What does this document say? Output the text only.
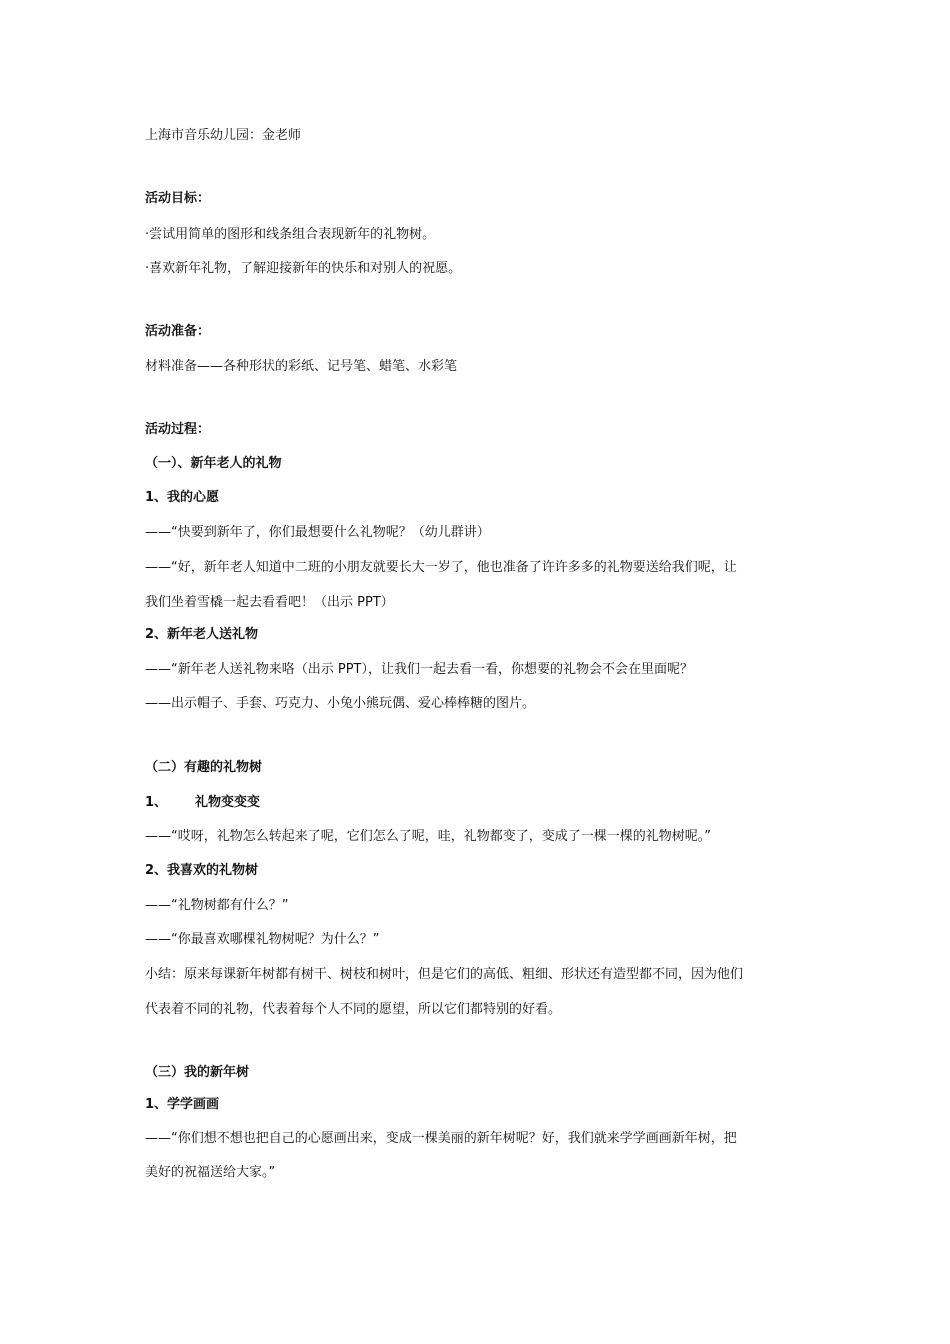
上海市音乐幼儿园：金老师
活动目标：
·尝试用简单的图形和线条组合表现新年的礼物树。
·喜欢新年礼物，了解迎接新年的快乐和对别人的祝愿。
活动准备：
材料准备——各种形状的彩纸、记号笔、蜡笔、水彩笔
活动过程：
（一）、新年老人的礼物
1、我的心愿
——“快要到新年了，你们最想要什么礼物呢？（幼儿群讲）
——“好，新年老人知道中二班的小朋友就要长大一岁了，他也准备了许许多多的礼物要送给我们呢，让
我们坐着雪橇一起去看看吧！（出示 PPT）
2、新年老人送礼物
——“新年老人送礼物来咯（出示 PPT），让我们一起去看一看，你想要的礼物会不会在里面呢？
——出示帽子、手套、巧克力、小兔小熊玩偶、爱心棒棒糖的图片。
（二）有趣的礼物树
1、 礼物变变变
——“哎呀，礼物怎么转起来了呢，它们怎么了呢，哇，礼物都变了，变成了一棵一棵的礼物树呢。”
2、我喜欢的礼物树
——“礼物树都有什么？”
——“你最喜欢哪棵礼物树呢？为什么？”
小结：原来每课新年树都有树干、树枝和树叶，但是它们的高低、粗细、形状还有造型都不同，因为他们
代表着不同的礼物，代表着每个人不同的愿望，所以它们都特别的好看。
（三）我的新年树
1、学学画画
——“你们想不想也把自己的心愿画出来，变成一棵美丽的新年树呢？好，我们就来学学画画新年树，把
美好的祝福送给大家。”
